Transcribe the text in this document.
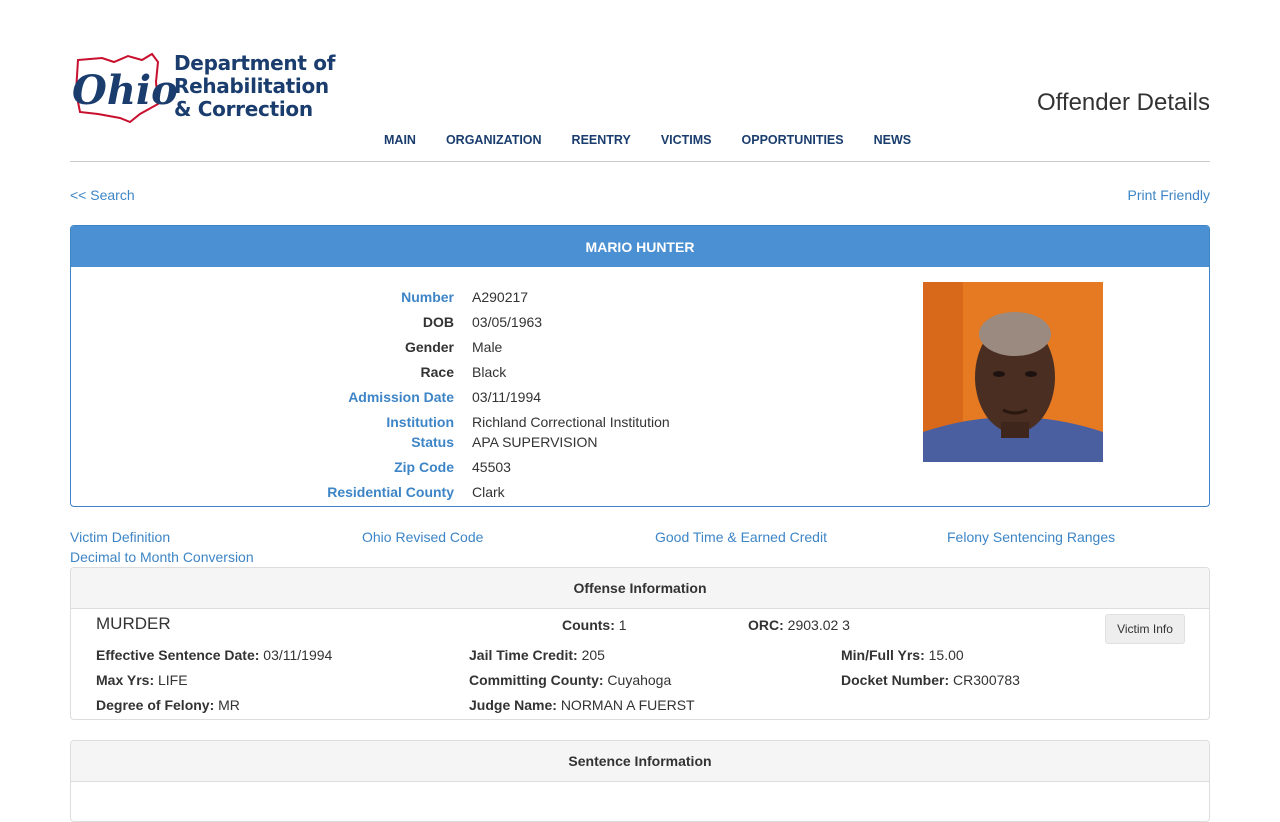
Ohio
Department of
Rehabilitation
& Correction	Offender Details
MAIN ORGANIZATION REENTRY VICTIMS OPPORTUNITIES NEWS
<< Search	Print Friendly
MARIO HUNTER
Number A290217
DOB 03/05/1963
Gender Male
Race Black
Admission Date 03/11/1994
Institution Richland Correctional Institution
Status APA SUPERVISION
Zip Code 45503
Residential County Clark
Victim Definition	Ohio Revised Code	Good Time & Earned Credit	Felony Sentencing Ranges
Decimal to Month Conversion
Offense Information
MURDER	Counts: 1	ORC: 2903.02 3	Victim Info
Effective Sentence Date: 03/11/1994	Jail Time Credit: 205	Min/Full Yrs: 15.00
Max Yrs: LIFE	Committing County: Cuyahoga	Docket Number: CR300783
Degree of Felony: MR	Judge Name: NORMAN A FUERST
Sentence Information
